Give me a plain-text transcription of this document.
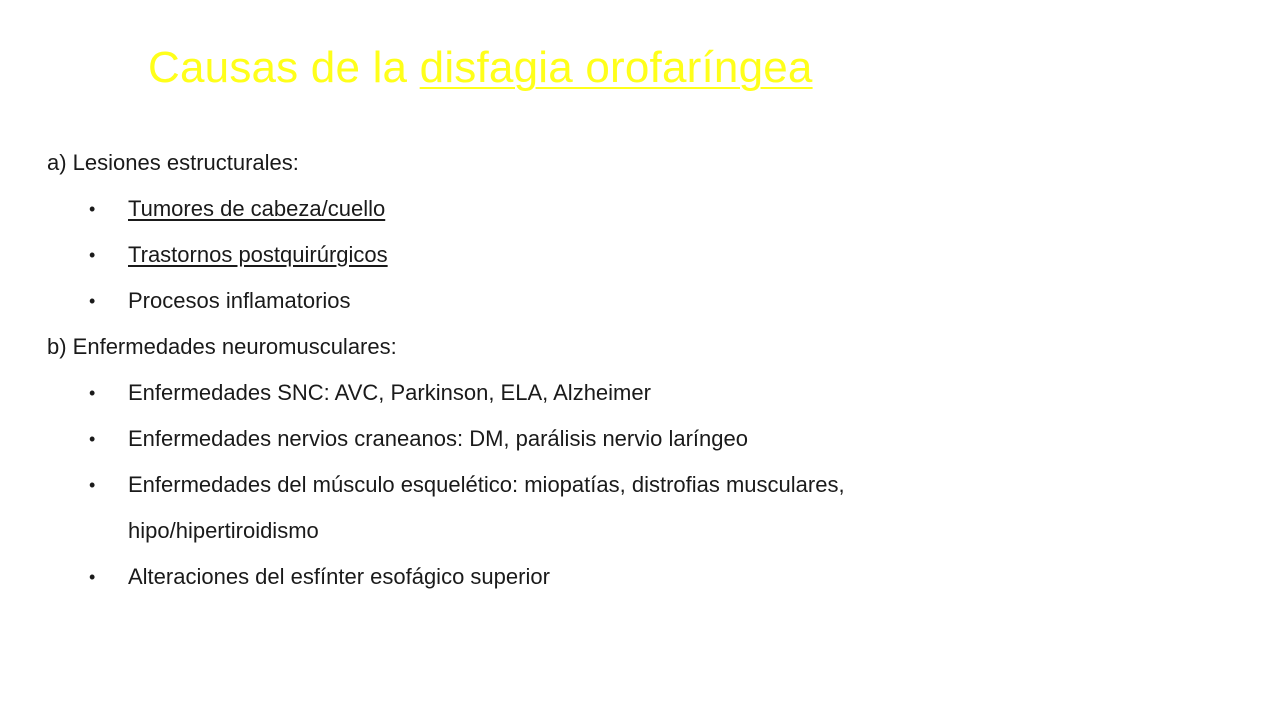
Causas de la disfagia orofaríngea

a) Lesiones estructurales:

• Tumores de cabeza/cuello
• Trastornos postquirúrgicos
• Procesos inflamatorios

b) Enfermedades neuromusculares:

• Enfermedades SNC: AVC, Parkinson, ELA, Alzheimer
• Enfermedades nervios craneanos: DM, parálisis nervio laríngeo
• Enfermedades del músculo esquelético: miopatías, distrofias musculares, hipo/hipertiroidismo
• Alteraciones del esfínter esofágico superior
